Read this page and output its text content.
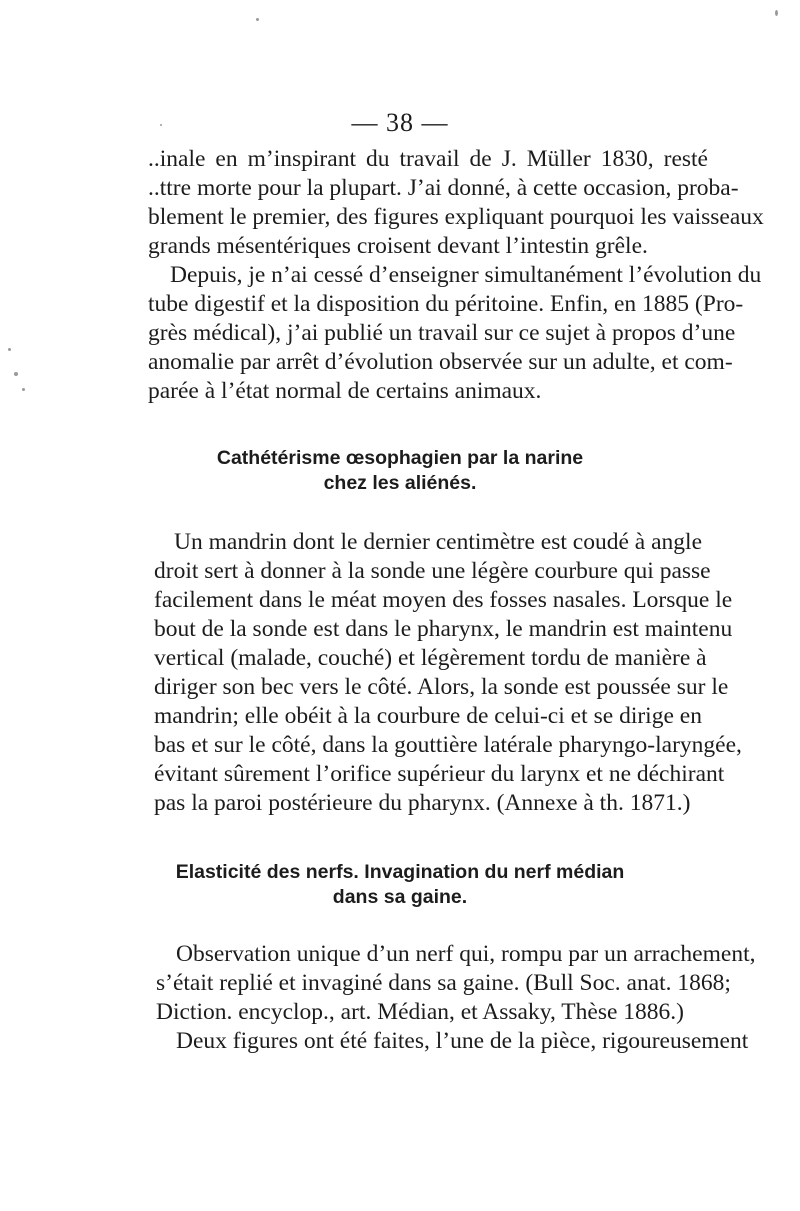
— 38 —
..inale en m’inspirant du travail de J. Müller 1830, resté
..ttre morte pour la plupart. J’ai donné, à cette occasion, proba-
blement le premier, des figures expliquant pourquoi les vaisseaux
grands mésentériques croisent devant l’intestin grêle.
Depuis, je n’ai cessé d’enseigner simultanément l’évolution du
tube digestif et la disposition du péritoine. Enfin, en 1885 (Pro-
grès médical), j’ai publié un travail sur ce sujet à propos d’une
anomalie par arrêt d’évolution observée sur un adulte, et com-
parée à l’état normal de certains animaux.
Cathétérisme œsophagien par la narine
chez les aliénés.
Un mandrin dont le dernier centimètre est coudé à angle
droit sert à donner à la sonde une légère courbure qui passe
facilement dans le méat moyen des fosses nasales. Lorsque le
bout de la sonde est dans le pharynx, le mandrin est maintenu
vertical (malade, couché) et légèrement tordu de manière à
diriger son bec vers le côté. Alors, la sonde est poussée sur le
mandrin; elle obéit à la courbure de celui-ci et se dirige en
bas et sur le côté, dans la gouttière latérale pharyngo-laryngée,
évitant sûrement l’orifice supérieur du larynx et ne déchirant
pas la paroi postérieure du pharynx. (Annexe à th. 1871.)
Elasticité des nerfs. Invagination du nerf médian
dans sa gaine.
Observation unique d’un nerf qui, rompu par un arrachement,
s’était replié et invaginé dans sa gaine. (Bull Soc. anat. 1868;
Diction. encyclop., art. Médian, et Assaky, Thèse 1886.)
Deux figures ont été faites, l’une de la pièce, rigoureusement
